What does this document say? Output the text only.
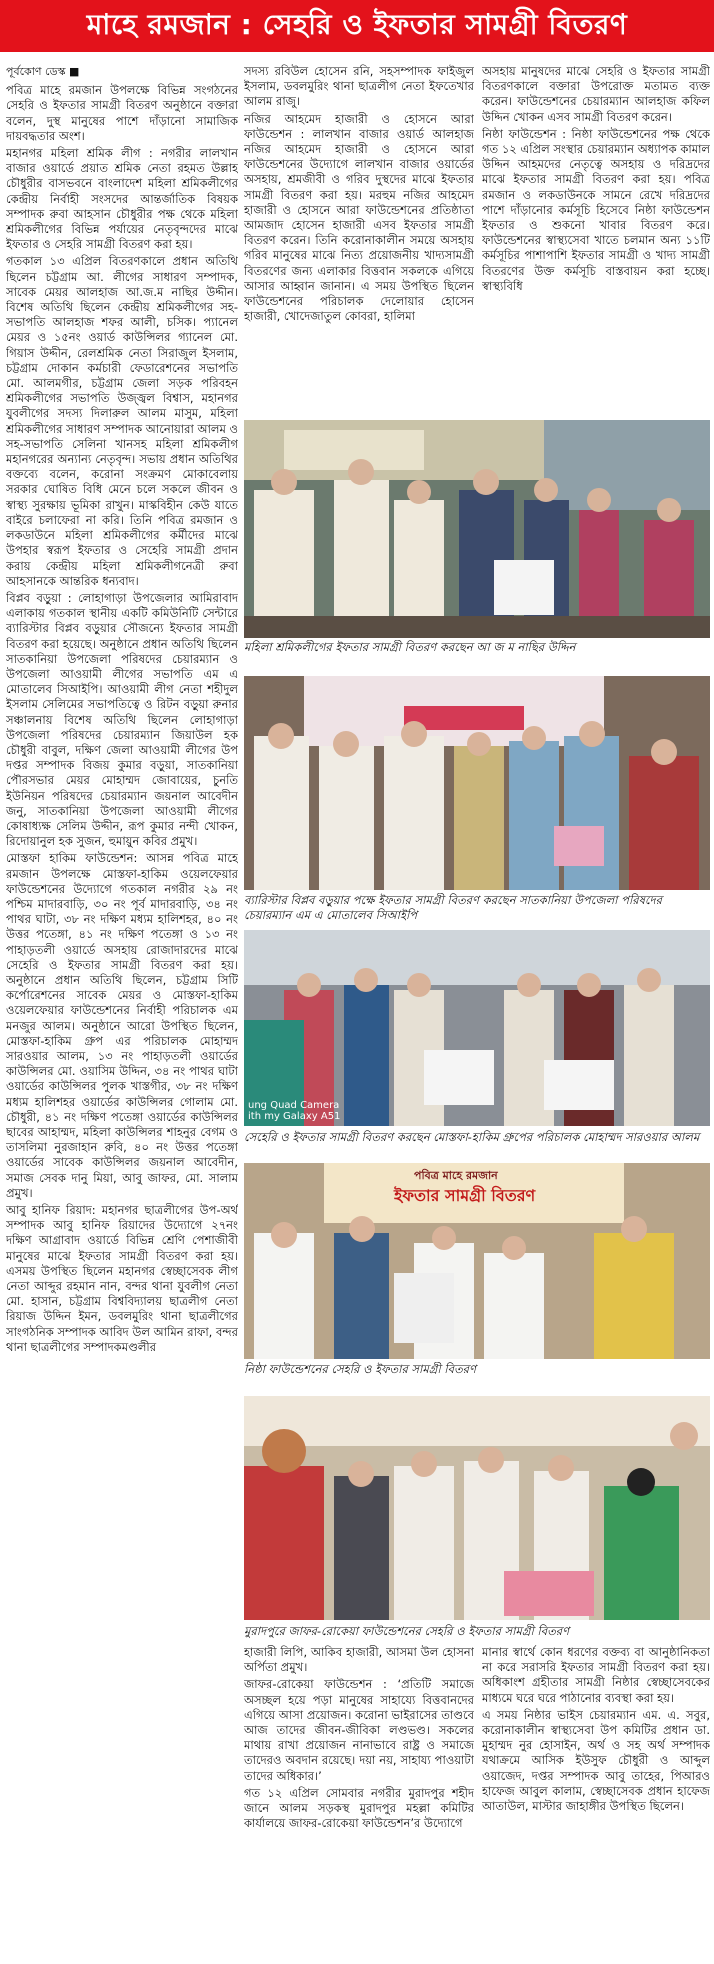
মাহে রমজান : সেহরি ও ইফতার সামগ্রী বিতরণ
পূর্বকোণ ডেস্ক ■

পবিত্র মাহে রমজান উপলক্ষে বিভিন্ন সংগঠনের সেহরি ও ইফতার সামগ্রী বিতরণ অনুষ্ঠানে বক্তারা বলেন, দুস্থ মানুষের পাশে দাঁড়ানো সামাজিক দায়বদ্ধতার অংশ।

মহানগর মহিলা শ্রমিক লীগ : নগরীর লালখান বাজার ওয়ার্ডে প্রয়াত শ্রমিক নেতা রহমত উল্লাহ চৌধুরীর বাসভবনে বাংলাদেশ মহিলা শ্রমিকলীগের কেন্দ্রীয় নির্বাহী সংসদের আন্তর্জাতিক বিষয়ক সম্পাদক রুবা আহসান চৌধুরীর পক্ষ থেকে মহিলা শ্রমিকলীগের বিভিন্ন পর্যায়ের নেতৃবৃন্দদের মাঝে ইফতার ও সেহরি সামগ্রী বিতরণ করা হয়।

গতকাল ১৩ এপ্রিল বিতরণকালে প্রধান অতিথি ছিলেন চট্টগ্রাম আ. লীগের সাধারণ সম্পাদক, সাবেক মেয়র আলহাজ আ.জ.ম নাছির উদ্দীন। বিশেষ অতিথি ছিলেন কেন্দ্রীয় শ্রমিকলীগের সহ-সভাপতি আলহাজ শফর আলী, চসিক। প্যানেল মেয়র ও ১৫নং ওয়ার্ড কাউন্সিলর গ্যানেল মো. গিয়াস উদ্দীন, রেলশ্রমিক নেতা সিরাজুল ইসলাম, চট্টগ্রাম দোকান কর্মচারী ফেডারেশনের সভাপতি মো. আলমগীর, চট্টগ্রাম জেলা সড়ক পরিবহন শ্রমিকলীগের সভাপতি উজ্জ্বল বিশ্বাস, মহানগর যুবলীগের সদস্য দিলারুল আলম মাসুম, মহিলা শ্রমিকলীগের সাধারণ সম্পাদক আনোয়ারা আলম ও সহ-সভাপতি সেলিনা খানসহ মহিলা শ্রমিকলীগ মহানগরের অন্যান্য নেতৃবৃন্দ। সভায় প্রধান অতিথির বক্তব্যে বলেন, করোনা সংক্রমণ মোকাবেলায় সরকার ঘোষিত বিধি মেনে চলে সকলে জীবন ও স্বাস্থ্য সুরক্ষায় ভূমিকা রাখুন। মাস্কবিহীন কেউ যাতে বাইরে চলাফেরা না করি। তিনি পবিত্র রমজান ও লকডাউনে মহিলা শ্রমিকলীগের কর্মীদের মাঝে উপহার স্বরূপ ইফতার ও সেহেরি সামগ্রী প্রদান করায় কেন্দ্রীয় মহিলা শ্রমিকলীগনেত্রী রুবা আহসানকে আন্তরিক ধন্যবাদ।

বিপ্লব বড়ুয়া : লোহাগাড়া উপজেলার আমিরাবাদ এলাকায় গতকাল স্থানীয় একটি কমিউনিটি সেন্টারে ব্যারিস্টার বিপ্লব বড়ুয়ার সৌজন্যে ইফতার সামগ্রী বিতরণ করা হয়েছে। অনুষ্ঠানে প্রধান অতিথি ছিলেন সাতকানিয়া উপজেলা পরিষদের চেয়ারম্যান ও উপজেলা আওয়ামী লীগের সভাপতি এম এ মোতালেব সিআইপি। আওয়ামী লীগ নেতা শহীদুল ইসলাম সেলিমের সভাপতিত্বে ও রিটন বড়ুয়া রুনার সঞ্চালনায় বিশেষ অতিথি ছিলেন লোহাগাড়া উপজেলা পরিষদের চেয়ারম্যান জিয়াউল হক চৌধুরী বাবুল, দক্ষিণ জেলা আওয়ামী লীগের উপ দপ্তর সম্পাদক বিজয় কুমার বড়ুয়া, সাতকানিয়া পৌরসভার মেয়র মোহাম্মদ জোবায়ের, চুনতি ইউনিয়ন পরিষদের চেয়ারম্যান জয়নাল আবেদীন জনু, সাতকানিয়া উপজেলা আওয়ামী লীগের কোষাধ্যক্ষ সেলিম উদ্দীন, রূপ কুমার নন্দী খোকন, রিদোয়ানুল হক সুজন, হুমায়ুন কবির প্রমুখ।

মোস্তফা হাকিম ফাউন্ডেশন: আসন্ন পবিত্র মাহে রমজান উপলক্ষে মোস্তফা-হাকিম ওয়েলফেয়ার ফাউন্ডেশনের উদ্যোগে গতকাল নগরীর ২৯ নং পশ্চিম মাদারবাড়ি, ৩০ নং পূর্ব মাদারবাড়ি, ৩৪ নং পাথর ঘাটা, ৩৮ নং দক্ষিণ মধ্যম হালিশহর, ৪০ নং উত্তর পতেঙ্গা, ৪১ নং দক্ষিণ পতেঙ্গা ও ১৩ নং পাহাড়তলী ওয়ার্ডে অসহায় রোজাদারদের মাঝে সেহেরি ও ইফতার সামগ্রী বিতরণ করা হয়। অনুষ্ঠানে প্রধান অতিথি ছিলেন, চট্টগ্রাম সিটি কর্পোরেশনের সাবেক মেয়র ও মোস্তফা-হাকিম ওয়েলফেয়ার ফাউন্ডেশনের নির্বাহী পরিচালক এম মনজুর আলম। অনুষ্ঠানে আরো উপস্থিত ছিলেন, মোস্তফা-হাকিম গ্রুপ এর পরিচালক মোহাম্মদ সারওয়ার আলম, ১৩ নং পাহাড়তলী ওয়ার্ডের কাউন্সিলর মো. ওয়াসিম উদ্দিন, ৩৪ নং পাথর ঘাটা ওয়ার্ডের কাউন্সিলর পুলক খাস্তগীর, ৩৮ নং দক্ষিণ মধ্যম হালিশহর ওয়ার্ডের কাউন্সিলর গোলাম মো. চৌধুরী, ৪১ নং দক্ষিণ পতেঙ্গা ওয়ার্ডের কাউন্সিলর ছাবের আহাম্মদ, মহিলা কাউন্সিলর শাহনুর বেগম ও তাসলিমা নুরজাহান রুবি, ৪০ নং উত্তর পতেঙ্গা ওয়ার্ডের সাবেক কাউন্সিলর জয়নাল আবেদীন, সমাজ সেবক দানু মিয়া, আবু জাফর, মো. সালাম প্রমুখ।

আবু হানিফ রিয়াদ: মহানগর ছাত্রলীগের উপ-অর্থ সম্পাদক আবু হানিফ রিয়াদের উদ্যোগে ২৭নং দক্ষিণ আগ্রাবাদ ওয়ার্ডে বিভিন্ন শ্রেণি পেশাজীবী মানুষের মাঝে ইফতার সামগ্রী বিতরণ করা হয়। এসময় উপস্থিত ছিলেন মহানগর স্বেচ্ছাসেবক লীগ নেতা আব্দুর রহমান নান, বন্দর থানা যুবলীগ নেতা মো. হাসান, চট্টগ্রাম বিশ্ববিদ্যালয় ছাত্রলীগ নেতা রিয়াজ উদ্দিন ইমন, ডবলমুরিং থানা ছাত্রলীগের সাংগঠনিক সম্পাদক আবিদ উল আমিন রাফা, বন্দর থানা ছাত্রলীগের সম্পাদকমণ্ডলীর

সদস্য রবিউল হোসেন রনি, সহসম্পাদক ফাইজুল ইসলাম, ডবলমুরিং থানা ছাত্রলীগ নেতা ইফতেখার আলম রাজু।

নজির আহমেদ হাজারী ও হোসনে আরা ফাউন্ডেশন : লালখান বাজার ওয়ার্ড আলহাজ নজির আহমেদ হাজারী ও হোসনে আরা ফাউন্ডেশনের উদ্যোগে লালখান বাজার ওয়ার্ডের অসহায়, শ্রমজীবী ও গরিব দুস্থদের মাঝে ইফতার সামগ্রী বিতরণ করা হয়। মরহুম নজির আহমেদ হাজারী ও হোসনে আরা ফাউন্ডেশনের প্রতিষ্ঠাতা আমজাদ হোসেন হাজারী এসব ইফতার সামগ্রী বিতরণ করেন। তিনি করোনাকালীন সময়ে অসহায় গরিব মানুষের মাঝে নিত্য প্রয়োজনীয় খাদ্যসামগ্রী বিতরণের জন্য এলাকার বিত্তবান সকলকে এগিয়ে আসার আহ্বান জানান। এ সময় উপস্থিত ছিলেন ফাউন্ডেশনের পরিচালক দেলোয়ার হোসেন হাজারী, খোদেজাতুল কোবরা, হালিমা

অসহায় মানুষদের মাঝে সেহরি ও ইফতার সামগ্রী বিতরণকালে বক্তারা উপরোক্ত মতামত ব্যক্ত করেন। ফাউন্ডেশনের চেয়ারম্যান আলহাজ কফিল উদ্দিন খোকন এসব সামগ্রী বিতরণ করেন।

নিষ্ঠা ফাউন্ডেশন : নিষ্ঠা ফাউন্ডেশনের পক্ষ থেকে গত ১২ এপ্রিল সংস্থার চেয়ারম্যান অধ্যাপক কামাল উদ্দিন আহমদের নেতৃত্বে অসহায় ও দরিদ্রদের মাঝে ইফতার সামগ্রী বিতরণ করা হয়। পবিত্র রমজান ও লকডাউনকে সামনে রেখে দরিদ্রদের পাশে দাঁড়ানোর কর্মসূচি হিসেবে নিষ্ঠা ফাউন্ডেশন ইফতার ও শুকনো খাবার বিতরণ করে। ফাউন্ডেশনের স্বাস্থ্যসেবা খাতে চলমান অন্য ১১টি কর্মসূচির পাশাপাশি ইফতার সামগ্রী ও খাদ্য সামগ্রী বিতরণের উক্ত কর্মসূচি বাস্তবায়ন করা হচ্ছে। স্বাস্থ্যবিধি

মহিলা শ্রমিকলীগের ইফতার সামগ্রী বিতরণ করছেন আ জ ম নাছির উদ্দিন
ব্যারিস্টার বিপ্লব বড়ুয়ার পক্ষে ইফতার সামগ্রী বিতরণ করছেন সাতকানিয়া উপজেলা পরিষদের চেয়ারম্যান এম এ মোতালেব সিআইপি
ung Quad Camera
ith my Galaxy A51
সেহেরি ও ইফতার সামগ্রী বিতরণ করছেন মোস্তফা-হাকিম গ্রুপের পরিচালক মোহাম্মদ সারওয়ার আলম
পবিত্র মাহে রমজান
ইফতার সামগ্রী বিতরণ
নিষ্ঠা ফাউন্ডেশনের সেহরি ও ইফতার সামগ্রী বিতরণ
মুরাদপুরে জাফর-রোকেয়া ফাউন্ডেশনের সেহরি ও ইফতার সামগ্রী বিতরণ

হাজারী লিপি, আকিব হাজারী, আসমা উল হোসনা অর্পিতা প্রমুখ।

জাফর-রোকেয়া ফাউন্ডেশন : ‘প্রতিটি সমাজে অসচ্ছল হয়ে পড়া মানুষের সাহায্যে বিত্তবানদের এগিয়ে আসা প্রয়োজন। করোনা ভাইরাসের তাণ্ডবে আজ তাদের জীবন-জীবিকা লণ্ডভণ্ড। সকলের মাথায় রাখা প্রয়োজন নানাভাবে রাষ্ট্র ও সমাজে তাদেরও অবদান রয়েছে। দয়া নয়, সাহায্য পাওয়াটা তাদের অধিকার।’

গত ১২ এপ্রিল সোমবার নগরীর মুরাদপুর শহীদ জানে আলম সড়কস্থ মুরাদপুর মহল্লা কমিটির কার্যালয়ে জাফর-রোকেয়া ফাউন্ডেশন’র উদ্যোগে

মানার স্বার্থে কোন ধরণের বক্তব্য বা আনুষ্ঠানিকতা না করে সরাসরি ইফতার সামগ্রী বিতরণ করা হয়। অধিকাংশ গ্রহীতার সামগ্রী নিষ্ঠার স্বেচ্ছাসেবকের মাধ্যমে ঘরে ঘরে পাঠানোর ব্যবস্থা করা হয়।

এ সময় নিষ্ঠার ভাইস চেয়ারম্যান এম. এ. সবুর, করোনাকালীন স্বাস্থ্যসেবা উপ কমিটির প্রধান ডা. মুহাম্মদ নুর হোসাইন, অর্থ ও সহ অর্থ সম্পাদক যথাক্রমে আসিক ইউসুফ চৌধুরী ও আব্দুল ওয়াজেদ, দপ্তর সম্পাদক আবু তাহের, পিআরও হাফেজ আবুল কালাম, স্বেচ্ছাসেবক প্রধান হাফেজ আতাউল, মাস্টার জাহাঙ্গীর উপস্থিত ছিলেন।
